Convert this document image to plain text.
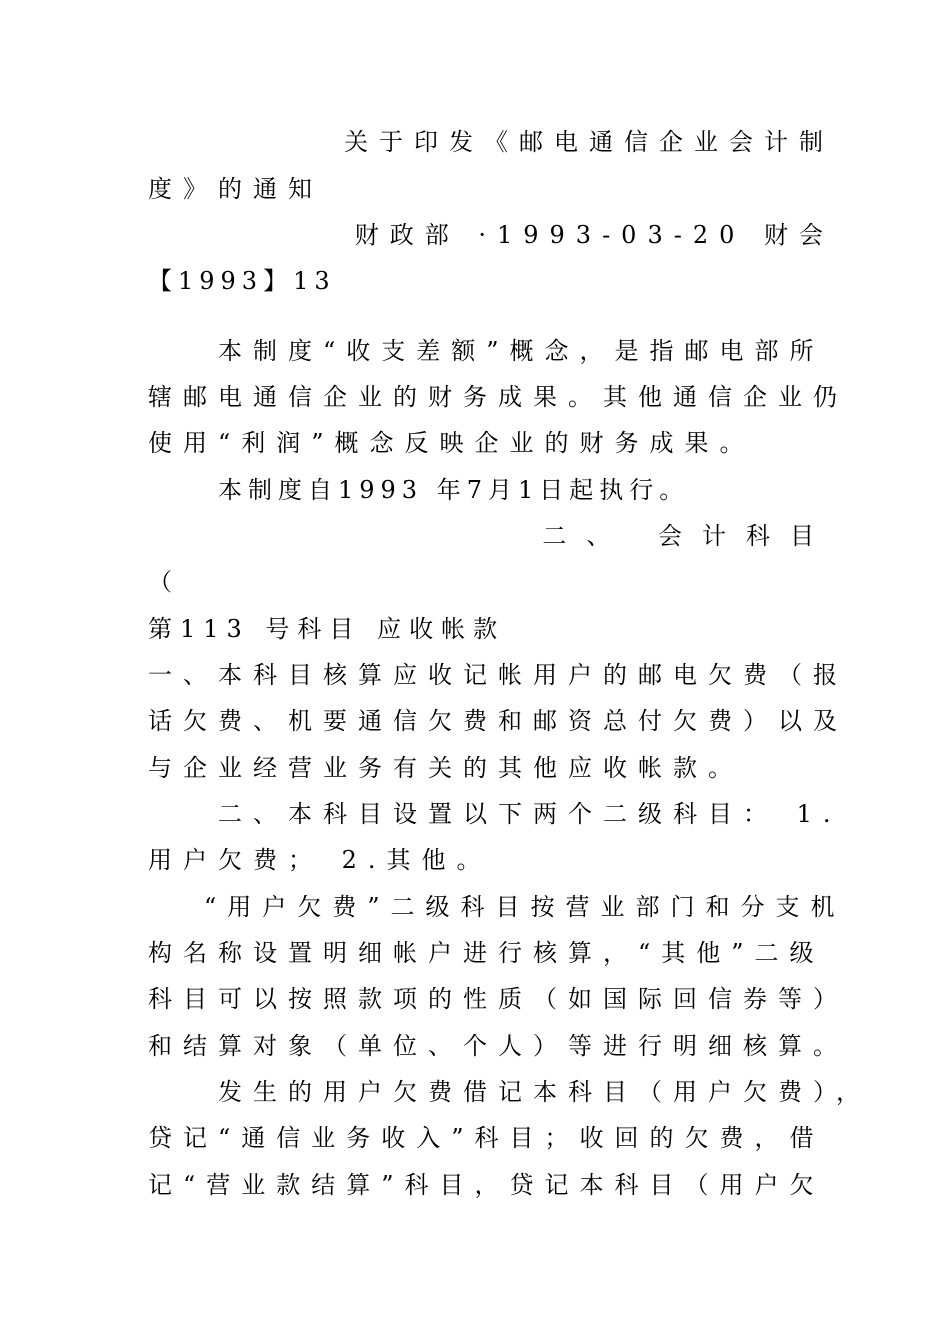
关于印发《邮电通信企业会计制
度》的通知
财政部 ·1993-03-20 财会
【1993】13
本制度“收支差额”概念，是指邮电部所
辖邮电通信企业的财务成果。其他通信企业仍
使用“利润”概念反映企业的财务成果。
本制度自1993 年7月1日起执行。
二、 会计科目
（
第113 号科目 应收帐款
一、本科目核算应收记帐用户的邮电欠费（报
话欠费、机要通信欠费和邮资总付欠费）以及
与企业经营业务有关的其他应收帐款。
二、本科目设置以下两个二级科目： 1.
用户欠费； 2.其他。
“用户欠费”二级科目按营业部门和分支机
构名称设置明细帐户进行核算，“其他”二级
科目可以按照款项的性质（如国际回信券等）
和结算对象（单位、个人）等进行明细核算。
发生的用户欠费借记本科目（用户欠费），
贷记“通信业务收入”科目；收回的欠费，借
记“营业款结算”科目，贷记本科目（用户欠
